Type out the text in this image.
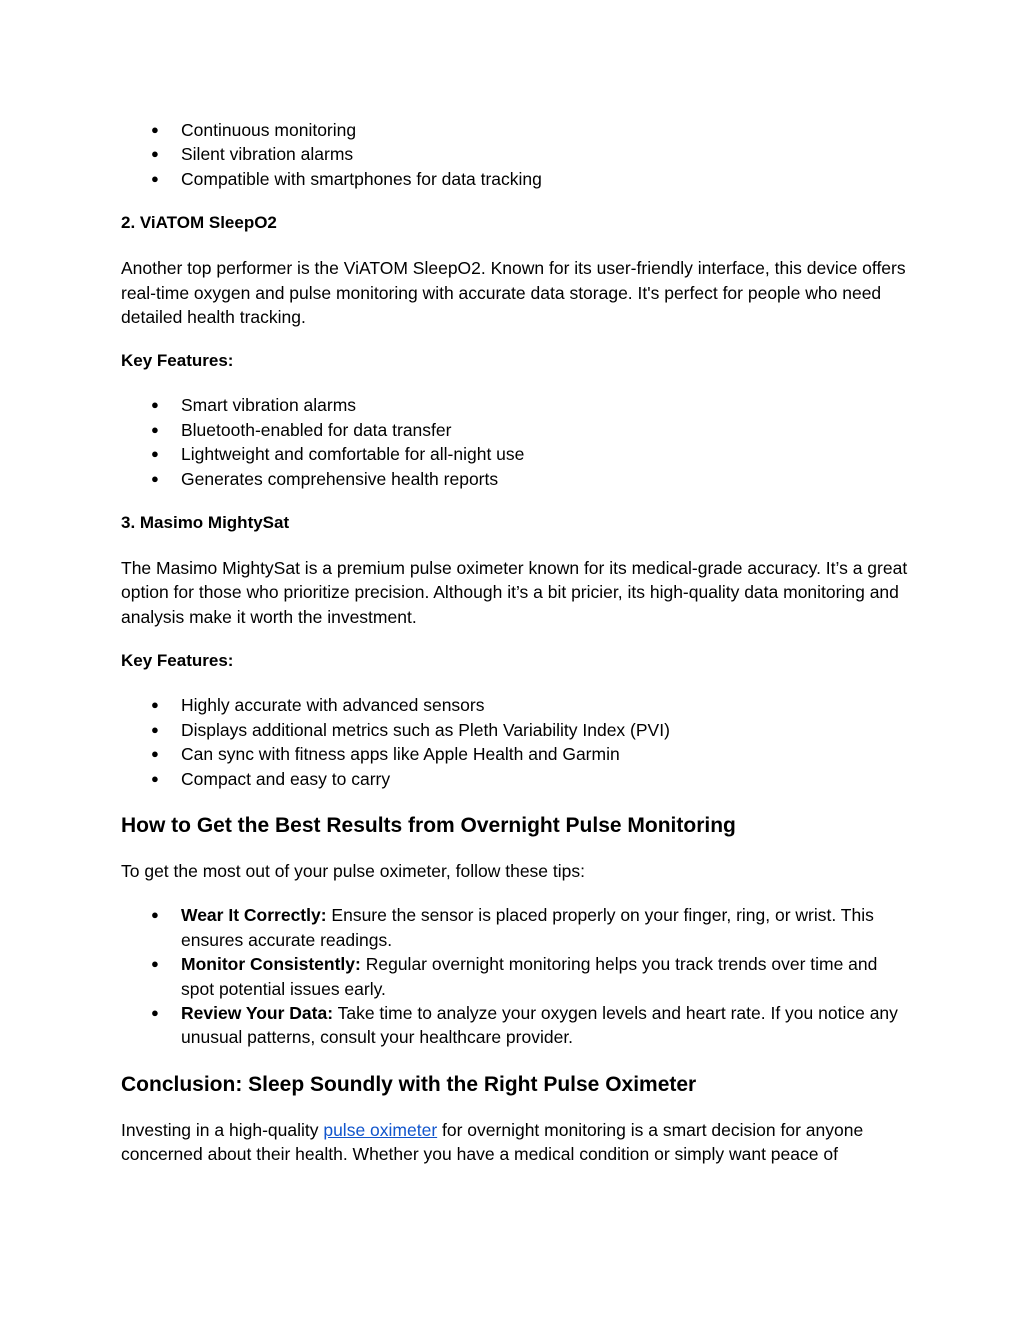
● Continuous monitoring
● Silent vibration alarms
● Compatible with smartphones for data tracking
2. ViATOM SleepO2
Another top performer is the ViATOM SleepO2. Known for its user-friendly interface, this device offers real-time oxygen and pulse monitoring with accurate data storage. It's perfect for people who need detailed health tracking.
Key Features:
● Smart vibration alarms
● Bluetooth-enabled for data transfer
● Lightweight and comfortable for all-night use
● Generates comprehensive health reports
3. Masimo MightySat
The Masimo MightySat is a premium pulse oximeter known for its medical-grade accuracy. It’s a great option for those who prioritize precision. Although it’s a bit pricier, its high-quality data monitoring and analysis make it worth the investment.
Key Features:
● Highly accurate with advanced sensors
● Displays additional metrics such as Pleth Variability Index (PVI)
● Can sync with fitness apps like Apple Health and Garmin
● Compact and easy to carry
How to Get the Best Results from Overnight Pulse Monitoring
To get the most out of your pulse oximeter, follow these tips:
● Wear It Correctly: Ensure the sensor is placed properly on your finger, ring, or wrist. This ensures accurate readings.
● Monitor Consistently: Regular overnight monitoring helps you track trends over time and spot potential issues early.
● Review Your Data: Take time to analyze your oxygen levels and heart rate. If you notice any unusual patterns, consult your healthcare provider.
Conclusion: Sleep Soundly with the Right Pulse Oximeter
Investing in a high-quality pulse oximeter for overnight monitoring is a smart decision for anyone concerned about their health. Whether you have a medical condition or simply want peace of
